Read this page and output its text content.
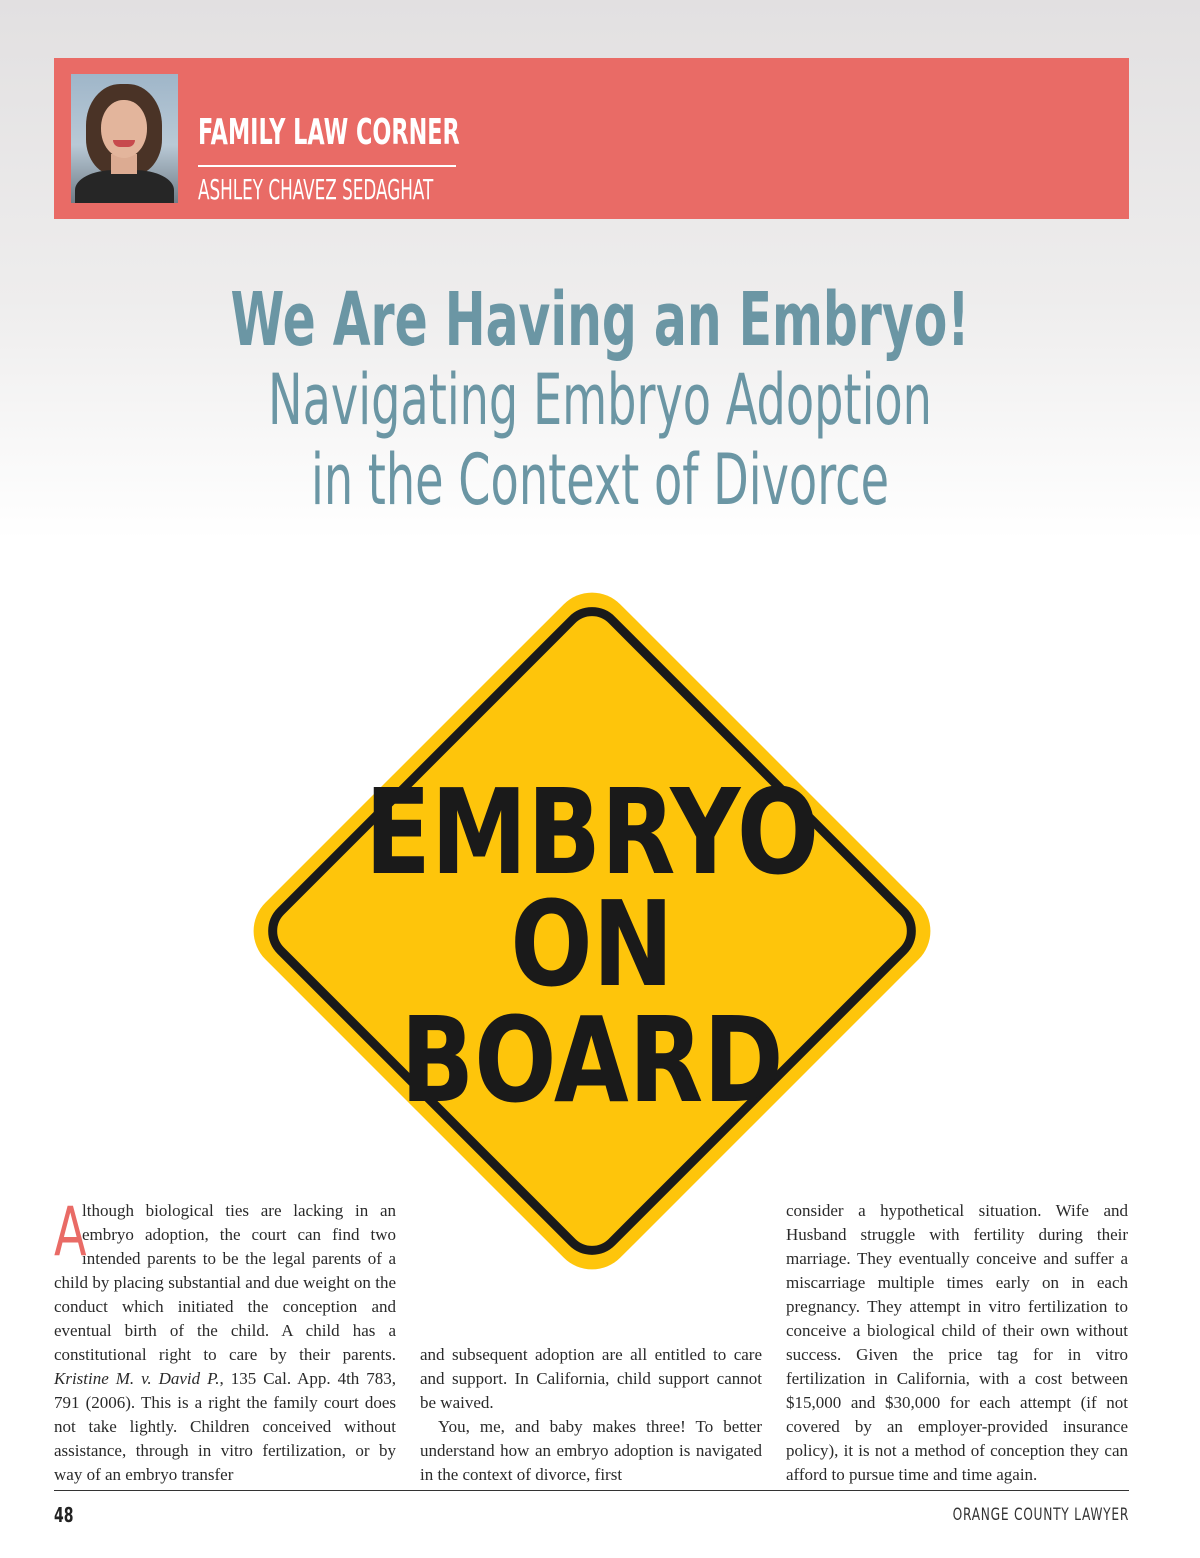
FAMILY LAW CORNER
ASHLEY CHAVEZ SEDAGHAT
We Are Having an Embryo!
Navigating Embryo Adoption
in the Context of Divorce
EMBRYO
ON
BOARD

A
lthough biological ties are lacking in an embryo adoption, the court can find two intended parents to be the legal parents of a child by placing substantial and due weight on the conduct which initiated the conception and eventual birth of the child. A child has a constitutional right to care by their parents. Kristine M. v. David P., 135 Cal. App. 4th 783, 791 (2006). This is a right the family court does not take lightly. Children conceived without assistance, through in vitro fertilization, or by way of an embryo transfer

and subsequent adoption are all entitled to care and support. In California, child support cannot be waived.

You, me, and baby makes three! To better understand how an embryo adoption is navigated in the context of divorce, first

consider a hypothetical situation. Wife and Husband struggle with fertility during their marriage. They eventually conceive and suffer a miscarriage multiple times early on in each pregnancy. They attempt in vitro fertilization to conceive a biological child of their own without success. Given the price tag for in vitro fertilization in California, with a cost between $15,000 and $30,000 for each attempt (if not covered by an employer-provided insurance policy), it is not a method of conception they can afford to pursue time and time again.

48	ORANGE COUNTY LAWYER
